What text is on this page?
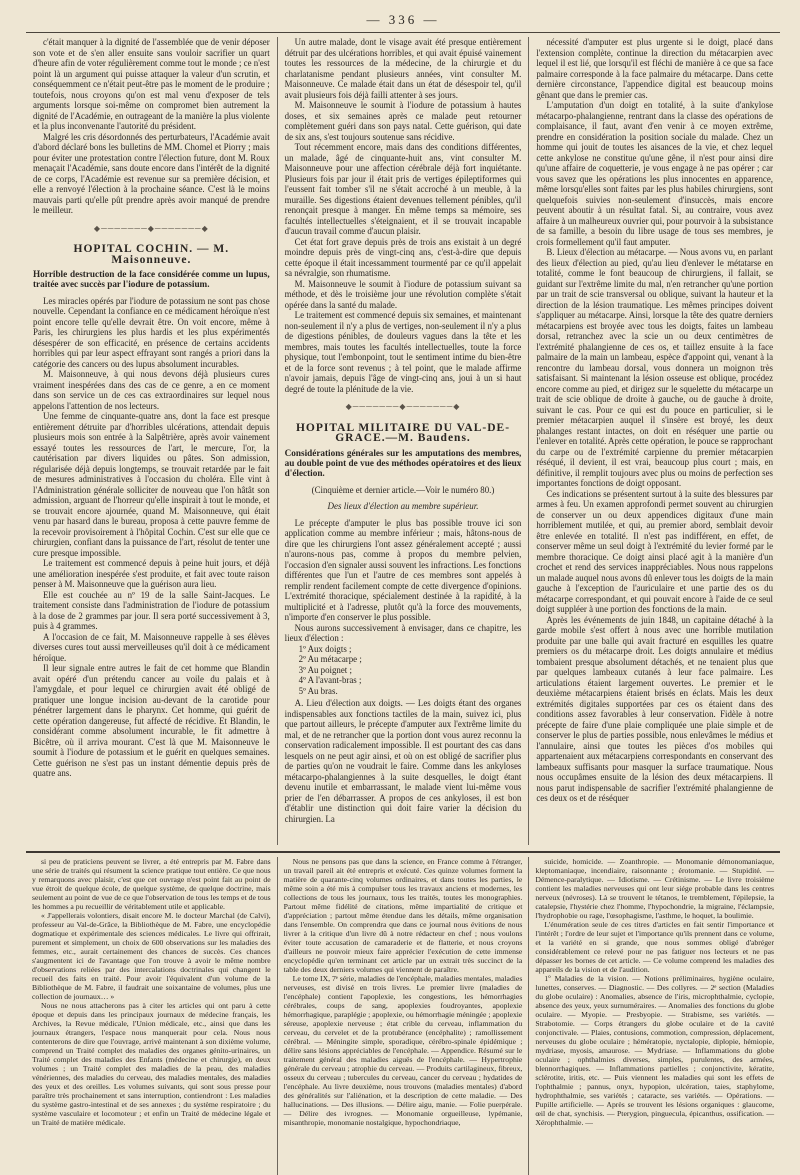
— 336 —

c'était manquer à la dignité de l'assemblée que de venir déposer son vote et de s'en aller ensuite sans vouloir sacrifier un quart d'heure afin de voter régulièrement comme tout le monde ; ce n'est point là un argument qui puisse attaquer la valeur d'un scrutin, et conséquemment ce n'était peut-être pas le moment de le produire ; toutefois, nous croyons qu'on est mal venu d'exposer de tels arguments lorsque soi-même on compromet bien autrement la dignité de l'Académie, en outrageant de la manière la plus violente et la plus inconvenante l'autorité du président.

Malgré les cris désordonnés des perturbateurs, l'Académie avait d'abord déclaré bons les bulletins de MM. Chomel et Piorry ; mais pour éviter une protestation contre l'élection future, dont M. Roux menaçait l'Académie, sans doute encore dans l'intérêt de la dignité de ce corps, l'Académie est revenue sur sa première décision, et elle a renvoyé l'élection à la prochaine séance. C'est là le moins mauvais parti qu'elle pût prendre après avoir manqué de prendre le meilleur.

◆───────◆───────◆
HOPITAL COCHIN. — M. Maisonneuve.
Horrible destruction de la face considérée comme un lupus, traitée avec succès par l'iodure de potassium.

Les miracles opérés par l'iodure de potassium ne sont pas chose nouvelle. Cependant la confiance en ce médicament héroïque n'est point encore telle qu'elle devrait être. On voit encore, même à Paris, les chirurgiens les plus hardis et les plus expérimentés désespérer de son efficacité, en présence de certains accidents horribles qui par leur aspect effrayant sont rangés a priori dans la catégorie des cancers ou des lupus absolument incurables.

M. Maisonneuve, à qui nous devons déjà plusieurs cures vraiment inespérées dans des cas de ce genre, a en ce moment dans son service un de ces cas extraordinaires sur lequel nous appelons l'attention de nos lecteurs.

Une femme de cinquante-quatre ans, dont la face est presque entièrement détruite par d'horribles ulcérations, attendait depuis plusieurs mois son entrée à la Salpêtrière, après avoir vainement essayé toutes les ressources de l'art, le mercure, l'or, la cautérisation par divers liquides ou pâtes. Son admission, régularisée déjà depuis longtemps, se trouvait retardée par le fait de mesures administratives à l'occasion du choléra. Elle vint à l'Administration générale solliciter de nouveau que l'on hâtât son admission, arguant de l'horreur qu'elle inspirait à tout le monde, et se trouvait encore ajournée, quand M. Maisonneuve, qui était venu par hasard dans le bureau, proposa à cette pauvre femme de la recevoir provisoirement à l'hôpital Cochin. C'est sur elle que ce chirurgien, confiant dans la puissance de l'art, résolut de tenter une cure presque impossible.

Le traitement est commencé depuis à peine huit jours, et déjà une amélioration inespérée s'est produite, et fait avec toute raison penser à M. Maisonneuve que la guérison aura lieu.

Elle est couchée au nº 19 de la salle Saint-Jacques. Le traitement consiste dans l'administration de l'iodure de potassium à la dose de 2 grammes par jour. Il sera porté successivement à 3, puis à 4 grammes.

A l'occasion de ce fait, M. Maisonneuve rappelle à ses élèves diverses cures tout aussi merveilleuses qu'il doit à ce médicament héroïque.

Il leur signale entre autres le fait de cet homme que Blandin avait opéré d'un prétendu cancer au voile du palais et à l'amygdale, et pour lequel ce chirurgien avait été obligé de pratiquer une longue incision au-devant de la carotide pour pénétrer largement dans le pharynx. Cet homme, qui guérit de cette opération dangereuse, fut affecté de récidive. Et Blandin, le considérant comme absolument incurable, le fit admettre à Bicêtre, où il arriva mourant. C'est là que M. Maisonneuve le soumit à l'iodure de potassium et le guérit en quelques semaines. Cette guérison ne s'est pas un instant démentie depuis près de quatre ans.

Un autre malade, dont le visage avait été presque entièrement détruit par des ulcérations horribles, et qui avait épuisé vainement toutes les ressources de la médecine, de la chirurgie et du charlatanisme pendant plusieurs années, vint consulter M. Maisonneuve. Ce malade était dans un état de désespoir tel, qu'il avait plusieurs fois déjà failli attenter à ses jours.

M. Maisonneuve le soumit à l'iodure de potassium à hautes doses, et six semaines après ce malade peut retourner complètement guéri dans son pays natal. Cette guérison, qui date de six ans, s'est toujours soutenue sans récidive.

Tout récemment encore, mais dans des conditions différentes, un malade, âgé de cinquante-huit ans, vint consulter M. Maisonneuve pour une affection cérébrale déjà fort inquiétante. Plusieurs fois par jour il était pris de vertiges épileptiformes qui l'eussent fait tomber s'il ne s'était accroché à un meuble, à la muraille. Ses digestions étaient devenues tellement pénibles, qu'il renonçait presque à manger. En même temps sa mémoire, ses facultés intellectuelles s'éteignaient, et il se trouvait incapable d'aucun travail comme d'aucun plaisir.

Cet état fort grave depuis près de trois ans existait à un degré moindre depuis près de vingt-cinq ans, c'est-à-dire que depuis cette époque il était incessamment tourmenté par ce qu'il appelait sa névralgie, son rhumatisme.

M. Maisonneuve le soumit à l'iodure de potassium suivant sa méthode, et dès le troisième jour une révolution complète s'était opérée dans la santé du malade.

Le traitement est commencé depuis six semaines, et maintenant non-seulement il n'y a plus de vertiges, non-seulement il n'y a plus de digestions pénibles, de douleurs vagues dans la tête et les membres, mais toutes les facultés intellectuelles, toute la force physique, tout l'embonpoint, tout le sentiment intime du bien-être et de la force sont revenus ; à tel point, que le malade affirme n'avoir jamais, depuis l'âge de vingt-cinq ans, joui à un si haut degré de toute la plénitude de la vie.

◆───────◆───────◆
HOPITAL MILITAIRE DU VAL-DE-GRACE.—M. Baudens.
Considérations générales sur les amputations des membres, au double point de vue des méthodes opératoires et des lieux d'élection.
(Cinquième et dernier article.—Voir le numéro 80.)
Des lieux d'élection au membre supérieur.

Le précepte d'amputer le plus bas possible trouve ici son application comme au membre inférieur ; mais, hâtons-nous de dire que les chirurgiens l'ont assez généralement accepté ; aussi n'aurons-nous pas, comme à propos du membre pelvien, l'occasion d'en signaler aussi souvent les infractions. Les fonctions différentes que l'un et l'autre de ces membres sont appelés à remplir rendent facilement compte de cette divergence d'opinions. L'extrémité thoracique, spécialement destinée à la rapidité, à la multiplicité et à l'adresse, plutôt qu'à la force des mouvements, n'importe d'en conserver le plus possible.

Nous aurons successivement à envisager, dans ce chapitre, les lieux d'élection :

1º Aux doigts ;
2º Au métacarpe ;
3º Au poignet ;
4º A l'avant-bras ;
5º Au bras.

A. Lieu d'élection aux doigts. — Les doigts étant des organes indispensables aux fonctions tactiles de la main, suivez ici, plus que partout ailleurs, le précepte d'amputer aux l'extrême limite du mal, et de ne retrancher que la portion dont vous aurez reconnu la conservation radicalement impossible. Il est pourtant des cas dans lesquels on ne peut agir ainsi, et où on est obligé de sacrifier plus de parties qu'on ne voudrait le faire. Comme dans les ankyloses métacarpo-phalangiennes à la suite desquelles, le doigt étant devenu inutile et embarrassant, le malade vient lui-même vous prier de l'en débarrasser. A propos de ces ankyloses, il est bon d'établir une distinction qui doit faire varier la décision du chirurgien. La

nécessité d'amputer est plus urgente si le doigt, placé dans l'extension complète, continue la direction du métacarpien avec lequel il est lié, que lorsqu'il est fléchi de manière à ce que sa face palmaire corresponde à la face palmaire du métacarpe. Dans cette dernière circonstance, l'appendice digital est beaucoup moins gênant que dans le premier cas.

L'amputation d'un doigt en totalité, à la suite d'ankylose métacarpo-phalangienne, rentrant dans la classe des opérations de complaisance, il faut, avant d'en venir à ce moyen extrême, prendre en considération la position sociale du malade. Chez un homme qui jouit de toutes les aisances de la vie, et chez lequel cette ankylose ne constitue qu'une gêne, il n'est pour ainsi dire qu'une affaire de coquetterie, je vous engage à ne pas opérer ; car vous savez que les opérations les plus innocentes en apparence, même lorsqu'elles sont faites par les plus habiles chirurgiens, sont quelquefois suivies non-seulement d'insuccès, mais encore peuvent aboutir à un résultat fatal. Si, au contraire, vous avez affaire à un malheureux ouvrier qui, pour pourvoir à la subsistance de sa famille, a besoin du libre usage de tous ses membres, je crois formellement qu'il faut amputer.

B. Lieux d'élection au métacarpe. — Nous avons vu, en parlant des lieux d'élection au pied, qu'au lieu d'enlever le métatarse en totalité, comme le font beaucoup de chirurgiens, il fallait, se guidant sur l'extrême limite du mal, n'en retrancher qu'une portion par un trait de scie transversal ou oblique, suivant la hauteur et la direction de la lésion traumatique. Les mêmes principes doivent s'appliquer au métacarpe. Ainsi, lorsque la tête des quatre derniers métacarpiens est broyée avec tous les doigts, faites un lambeau dorsal, retranchez avec la scie un ou deux centimètres de l'extrémité phalangienne de ces os, et taillez ensuite à la face palmaire de la main un lambeau, espèce d'appoint qui, venant à la rencontre du lambeau dorsal, vous donnera un moignon très satisfaisant. Si maintenant la lésion osseuse est oblique, procédez encore comme au pied, et dirigez sur le squelette du métacarpe un trait de scie oblique de droite à gauche, ou de gauche à droite, suivant le cas. Pour ce qui est du pouce en particulier, si le premier métacarpien auquel il s'insère est broyé, les deux phalanges restant intactes, on doit en réséquer une partie ou l'enlever en totalité. Après cette opération, le pouce se rapprochant du carpe ou de l'extrémité carpienne du premier métacarpien réséqué, il devient, il est vrai, beaucoup plus court ; mais, en définitive, il remplit toujours avec plus ou moins de perfection ses importantes fonctions de doigt opposant.

Ces indications se présentent surtout à la suite des blessures par armes à feu. Un examen approfondi permet souvent au chirurgien de conserver un ou deux appendices digitaux d'une main horriblement mutilée, et qui, au premier abord, semblait devoir être enlevée en totalité. Il n'est pas indifférent, en effet, de conserver même un seul doigt à l'extrémité du levier formé par le membre thoracique. Ce doigt ainsi placé agit à la manière d'un crochet et rend des services inappréciables. Nous nous rappelons un malade auquel nous avons dû enlever tous les doigts de la main gauche à l'exception de l'auriculaire et une partie des os du métacarpe correspondant, et qui pouvait encore à l'aide de ce seul doigt suppléer à une portion des fonctions de la main.

Après les événements de juin 1848, un capitaine détaché à la garde mobile s'est offert à nous avec une horrible mutilation produite par une balle qui avait fracturé en esquilles les quatre premiers os du métacarpe droit. Les doigts annulaire et médius tombaient presque absolument détachés, et ne tenaient plus que par quelques lambeaux cutanés à leur face palmaire. Les articulations étaient largement ouvertes. Le premier et le deuxième métacarpiens étaient brisés en éclats. Mais les deux extrémités digitales supportées par ces os étaient dans des conditions assez favorables à leur conservation. Fidèle à notre précepte de faire d'une plaie compliquée une plaie simple et de conserver le plus de parties possible, nous enlevâmes le médius et l'annulaire, ainsi que toutes les pièces d'os mobiles qui appartenaient aux métacarpiens correspondants en conservant des lambeaux suffisants pour masquer la surface traumatique. Nous nous occupâmes ensuite de la lésion des deux métacarpiens. Il nous parut indispensable de sacrifier l'extrémité phalangienne de ces deux os et de réséquer

si peu de praticiens peuvent se livrer, a été entrepris par M. Fabre dans une série de traités qui résument la science pratique tout entière. Ce que nous y remarquons avec plaisir, c'est que cet ouvrage n'est point fait au point de vue étroit de quelque école, de quelque système, de quelque doctrine, mais seulement au point de vue de ce que l'observation de tous les temps et de tous les hommes a pu recueillir de véritablement utile et applicable.

« J'appellerais volontiers, disait encore M. le docteur Marchal (de Calvi), professeur au Val-de-Grâce, la Bibliothèque de M. Fabre, une encyclopédie dogmatique et expérimentale des sciences médicales. Le livre qui offrirait, purement et simplement, un choix de 600 observations sur les maladies des femmes, etc., aurait certainement des chances de succès. Ces chances s'augmentent ici de l'avantage que l'on trouve à avoir le même nombre d'observations reliées par des intercalations doctrinales qui changent le recueil des faits en traité. Pour avoir l'équivalent d'un volume de la Bibliothèque de M. Fabre, il faudrait une soixantaine de volumes, plus une collection de journaux… »

Nous ne nous attacherons pas à citer les articles qui ont paru à cette époque et depuis dans les principaux journaux de médecine français, les Archives, la Revue médicale, l'Union médicale, etc., ainsi que dans les journaux étrangers, l'espace nous manquerait pour cela. Nous nous contenterons de dire que l'ouvrage, arrivé maintenant à son dixième volume, comprend un Traité complet des maladies des organes génito-urinaires, un Traité complet des maladies des Enfants (médecine et chirurgie), en deux volumes ; un Traité complet des maladies de la peau, des maladies vénériennes, des maladies du cerveau, des maladies mentales, des maladies des yeux et des oreilles. Les volumes suivants, qui sont sous presse pour paraître très prochainement et sans interruption, contiendront : Les maladies du système gastro-intestinal et de ses annexes ; du système respiratoire ; du système vasculaire et locomoteur ; et enfin un Traité de médecine légale et un Traité de matière médicale.

Nous ne pensons pas que dans la science, en France comme à l'étranger, un travail pareil ait été entrepris et exécuté. Ces quinze volumes forment la matière de quarante-cinq volumes ordinaires, et dans toutes les parties, le même soin a été mis à compulser tous les travaux anciens et modernes, les collections de tous les journaux, tous les traités, toutes les monographies. Partout même fidélité de citations, même impartialité de critique et d'appréciation ; partout même étendue dans les détails, même organisation dans l'ensemble. On comprendra que dans ce journal nous évitions de nous livrer à la critique d'un livre dû à notre rédacteur en chef ; nous voulons éviter toute accusation de camaraderie et de flatterie, et nous croyons d'ailleurs ne pouvoir mieux faire apprécier l'exécution de cette immense encyclopédie qu'en terminant cet article par un extrait très succinct de la table des deux derniers volumes qui viennent de paraître.

Le tome IX, 7ᵉ série, maladies de l'encéphale, maladies mentales, maladies nerveuses, est divisé en trois livres. Le premier livre (maladies de l'encéphale) contient l'apoplexie, les congestions, les hémorrhagies cérébrales, coups de sang, apoplexies foudroyantes, apoplexie hémorrhagique, paraplégie ; apoplexie, ou hémorrhagie méningée ; apoplexie séreuse, apoplexie nerveuse ; état crible du cerveau, inflammation du cerveau, du cervelet et de la protubérance (encéphalite) ; ramollissement cérébral. — Méningite simple, sporadique, cérébro-spinale épidémique ; délire sans lésions appréciables de l'encéphale. — Appendice. Résumé sur le traitement général des maladies aiguës de l'encéphale. — Hypertrophie générale du cerveau ; atrophie du cerveau. — Produits cartilagineux, fibreux, osseux du cerveau ; tubercules du cerveau, cancer du cerveau ; hydatides de l'encéphale. Au livre deuxième, nous trouvons (maladies mentales) d'abord des généralités sur l'aliénation, et la description de cette maladie. — Des hallucinations. — Des illusions. — Délire aigu, manie. — Folie puerpérale. — Délire des ivrognes. — Monomanie orgueilleuse, lypémanie, misanthropie, monomanie nostalgique, hypochondriaque,

suicide, homicide. — Zoanthropie. — Monomanie démonomaniaque, kleptomaniaque, incendiaire, raisonnante ; érotomanie. — Stupidité. — Démence-paralytique. — Idiotisme. — Crétinisme. — Le livre troisième contient les maladies nerveuses qui ont leur siége probable dans les centres nerveux (névroses). Là se trouvent le tétanos, le tremblement, l'épilepsie, la catalepsie, l'hystérie chez l'homme, l'hypochondrie, la migraine, l'éclampsie, l'hydrophobie ou rage, l'œsophagisme, l'asthme, le hoquet, la boulimie.

L'énumération seule de ces titres d'articles en fait sentir l'importance et l'intérêt ; l'ordre de leur sujet et l'importance qu'ils prennent dans ce volume, et la variété en si grande, que nous sommes obligé d'abréger considérablement ce relevé pour ne pas fatiguer nos lecteurs et ne pas dépasser les bornes de cet article. — Ce volume comprend les maladies des appareils de la vision et de l'audition.

1º Maladies de la vision. — Notions préliminaires, hygiène oculaire, lunettes, conserves. — Diagnostic. — Des collyres. — 2ᵉ section (Maladies du globe oculaire) : Anomalies, absence de l'iris, microphthalmie, cyclopie, absence des yeux, yeux surnuméraires. — Anomalies des fonctions du globe oculaire. — Myopie. — Presbyopie. — Strabisme, ses variétés. — Strabotomie. — Corps étrangers du globe oculaire et de la cavité conjonctivale. — Plaies, contusions, commotion, compression, déplacement, nerveuses du globe oculaire ; hémératopie, nyctalopie, diplopie, hémiopie, mydriase, myosis, amaurose. — Mydriase. — Inflammations du globe oculaire ; ophthalmies diverses, simples, purulentes, des armées, blennorrhagiques. — Inflammations partielles ; conjonctivite, kératite, sclérotite, iritis, etc. — Puis viennent les maladies qui sont les effets de l'ophthalmie ; pannus, onyx, hypopion, ulcération, taies, staphylome, hydrophthalmie, ses variétés ; cataracte, ses variétés. — Opérations. — Pupille artificielle. — Après se trouvent les lésions organiques : glaucome, œil de chat, synchisis. — Pterygion, pinguecula, épicanthus, ossification. — Xérophthalmie. —
